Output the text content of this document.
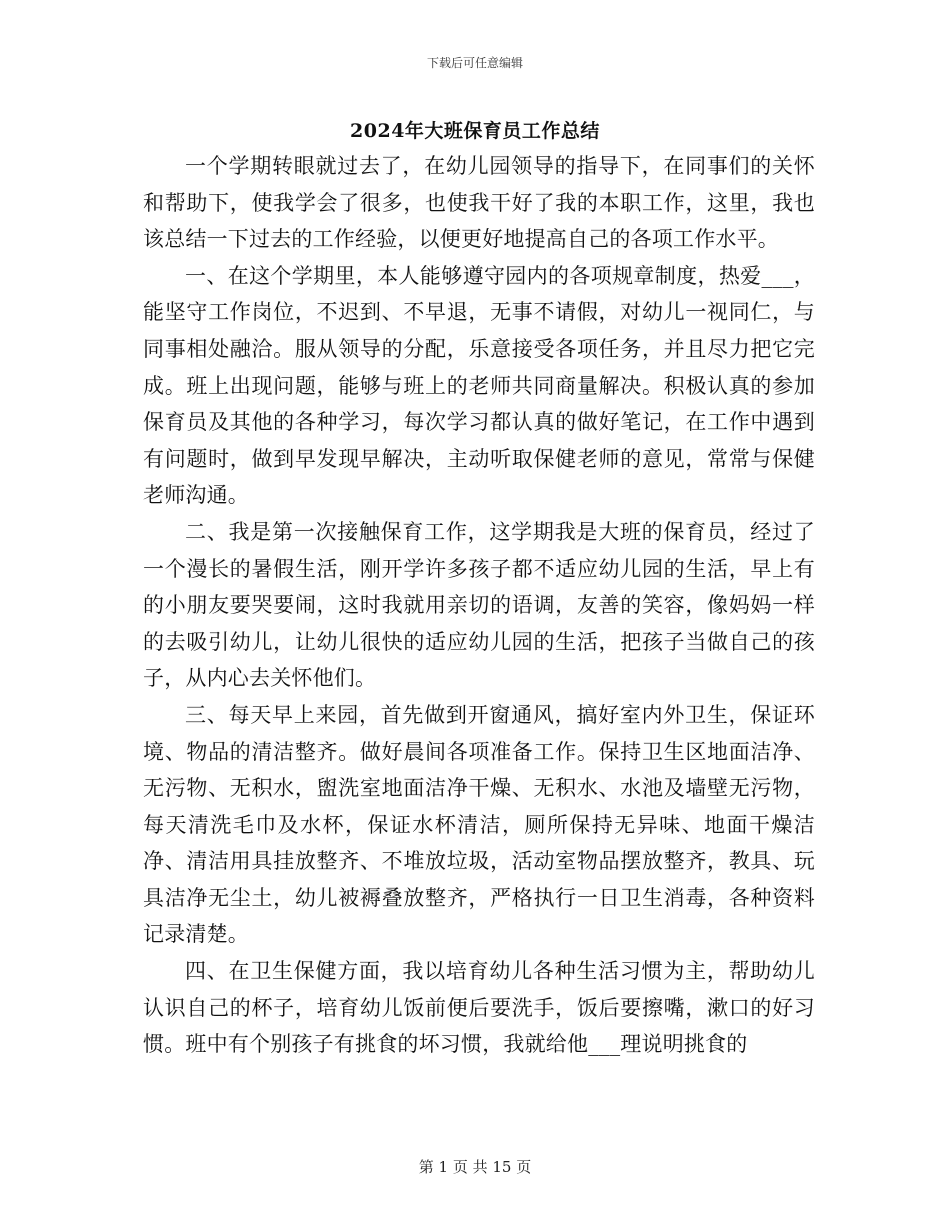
下载后可任意编辑
2024年大班保育员工作总结

一个学期转眼就过去了，在幼儿园领导的指导下，在同事们的关怀和帮助下，使我学会了很多，也使我干好了我的本职工作，这里，我也该总结一下过去的工作经验，以便更好地提高自己的各项工作水平。

一、在这个学期里，本人能够遵守园内的各项规章制度，热爱___，能坚守工作岗位，不迟到、不早退，无事不请假，对幼儿一视同仁，与同事相处融洽。服从领导的分配，乐意接受各项任务，并且尽力把它完成。班上出现问题，能够与班上的老师共同商量解决。积极认真的参加保育员及其他的各种学习，每次学习都认真的做好笔记，在工作中遇到有问题时，做到早发现早解决，主动听取保健老师的意见，常常与保健老师沟通。

二、我是第一次接触保育工作，这学期我是大班的保育员，经过了一个漫长的暑假生活，刚开学许多孩子都不适应幼儿园的生活，早上有的小朋友要哭要闹，这时我就用亲切的语调，友善的笑容，像妈妈一样的去吸引幼儿，让幼儿很快的适应幼儿园的生活，把孩子当做自己的孩子，从内心去关怀他们。

三、每天早上来园，首先做到开窗通风，搞好室内外卫生，保证环境、物品的清洁整齐。做好晨间各项准备工作。保持卫生区地面洁净、无污物、无积水，盥洗室地面洁净干燥、无积水、水池及墙壁无污物，每天清洗毛巾及水杯，保证水杯清洁，厕所保持无异味、地面干燥洁净、清洁用具挂放整齐、不堆放垃圾，活动室物品摆放整齐，教具、玩具洁净无尘土，幼儿被褥叠放整齐，严格执行一日卫生消毒，各种资料记录清楚。

四、在卫生保健方面，我以培育幼儿各种生活习惯为主，帮助幼儿认识自己的杯子，培育幼儿饭前便后要洗手，饭后要擦嘴，漱口的好习惯。班中有个别孩子有挑食的坏习惯，我就给他___理说明挑食的

第 1 页 共 15 页
